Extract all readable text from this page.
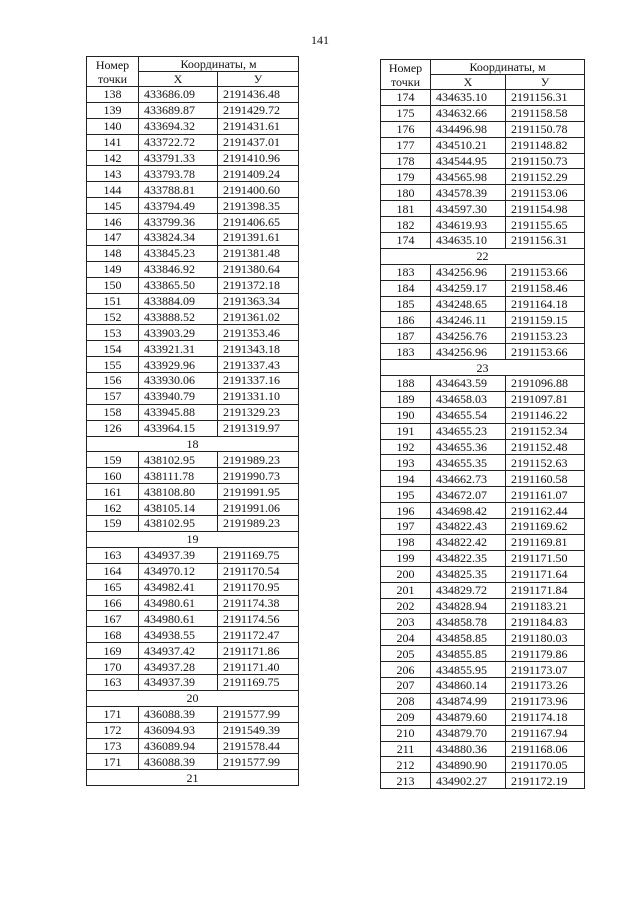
141
Номер
точки	Координаты, м	
	X	У
138	433686.09	2191436.48
139	433689.87	2191429.72
140	433694.32	2191431.61
141	433722.72	2191437.01
142	433791.33	2191410.96
143	433793.78	2191409.24
144	433788.81	2191400.60
145	433794.49	2191398.35
146	433799.36	2191406.65
147	433824.34	2191391.61
148	433845.23	2191381.48
149	433846.92	2191380.64
150	433865.50	2191372.18
151	433884.09	2191363.34
152	433888.52	2191361.02
153	433903.29	2191353.46
154	433921.31	2191343.18
155	433929.96	2191337.43
156	433930.06	2191337.16
157	433940.79	2191331.10
158	433945.88	2191329.23
126	433964.15	2191319.97
18		
159	438102.95	2191989.23
160	438111.78	2191990.73
161	438108.80	2191991.95
162	438105.14	2191991.06
159	438102.95	2191989.23
19		
163	434937.39	2191169.75
164	434970.12	2191170.54
165	434982.41	2191170.95
166	434980.61	2191174.38
167	434980.61	2191174.56
168	434938.55	2191172.47
169	434937.42	2191171.86
170	434937.28	2191171.40
163	434937.39	2191169.75
20		
171	436088.39	2191577.99
172	436094.93	2191549.39
173	436089.94	2191578.44
171	436088.39	2191577.99
21		
Номер
точки	Координаты, м	
	X	У
174	434635.10	2191156.31
175	434632.66	2191158.58
176	434496.98	2191150.78
177	434510.21	2191148.82
178	434544.95	2191150.73
179	434565.98	2191152.29
180	434578.39	2191153.06
181	434597.30	2191154.98
182	434619.93	2191155.65
174	434635.10	2191156.31
22		
183	434256.96	2191153.66
184	434259.17	2191158.46
185	434248.65	2191164.18
186	434246.11	2191159.15
187	434256.76	2191153.23
183	434256.96	2191153.66
23		
188	434643.59	2191096.88
189	434658.03	2191097.81
190	434655.54	2191146.22
191	434655.23	2191152.34
192	434655.36	2191152.48
193	434655.35	2191152.63
194	434662.73	2191160.58
195	434672.07	2191161.07
196	434698.42	2191162.44
197	434822.43	2191169.62
198	434822.42	2191169.81
199	434822.35	2191171.50
200	434825.35	2191171.64
201	434829.72	2191171.84
202	434828.94	2191183.21
203	434858.78	2191184.83
204	434858.85	2191180.03
205	434855.85	2191179.86
206	434855.95	2191173.07
207	434860.14	2191173.26
208	434874.99	2191173.96
209	434879.60	2191174.18
210	434879.70	2191167.94
211	434880.36	2191168.06
212	434890.90	2191170.05
213	434902.27	2191172.19
